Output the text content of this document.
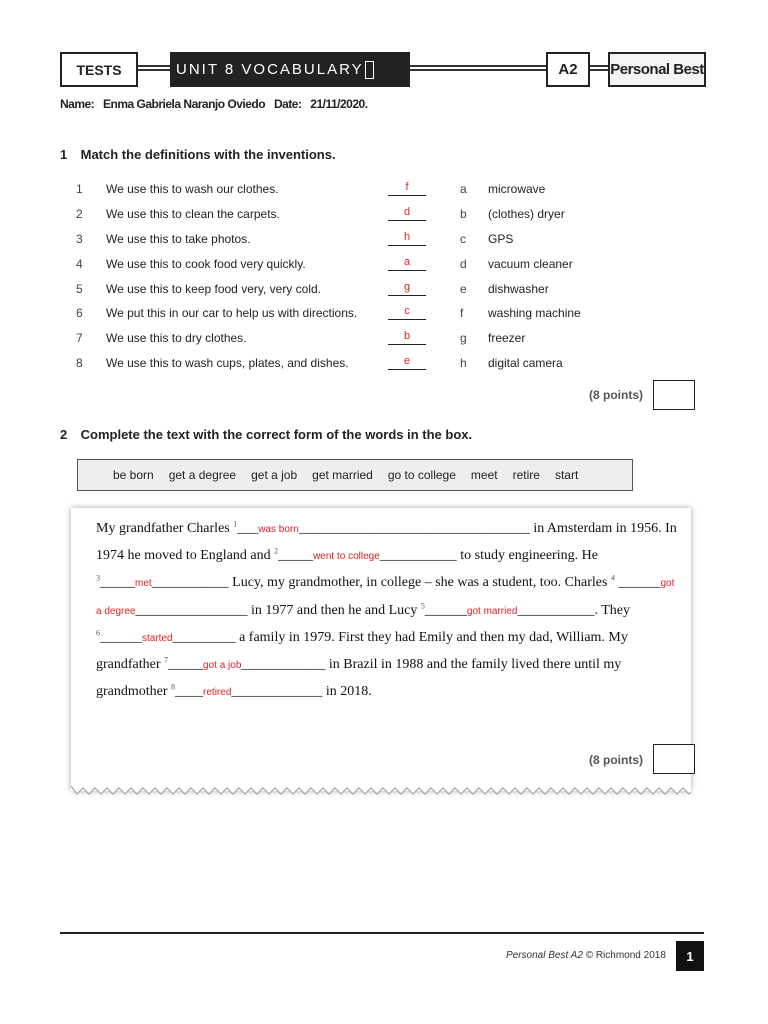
TESTS	UNIT 8 VOCABULARY	A2	Personal Best
Name: Enma Gabriela Naranjo Oviedo Date: 21/11/2020.
1 Match the definitions with the inventions.
1 We use this to wash our clothes.	f	a microwave
2 We use this to clean the carpets.	d	b (clothes) dryer
3 We use this to take photos.	h	c GPS
4 We use this to cook food very quickly.	a	d vacuum cleaner
5 We use this to keep food very, very cold.	g	e dishwasher
6 We put this in our car to help us with directions.	c	f washing machine
7 We use this to dry clothes.	b	g freezer
8 We use this to wash cups, plates, and dishes.	e	h digital camera
(8 points)
2 Complete the text with the correct form of the words in the box.
be born get a degree get a job get married go to college meet retire start
My grandfather Charles $^1$___was born_________________________________ in Amsterdam in 1956. In 1974 he moved to England and $^2$_____went to college___________ to study engineering. He $^3$_____met___________ Lucy, my grandmother, in college – she was a student, too. Charles $^4$ ______got a degree________________ in 1977 and then he and Lucy $^5$______got married___________. They $^6$______started_________ a family in 1979. First they had Emily and then my dad, William. My grandfather $^7$_____got a job____________ in Brazil in 1988 and the family lived there until my grandmother $^8$____retired_____________ in 2018.
(8 points)
Personal Best A2 © Richmond 2018	1
